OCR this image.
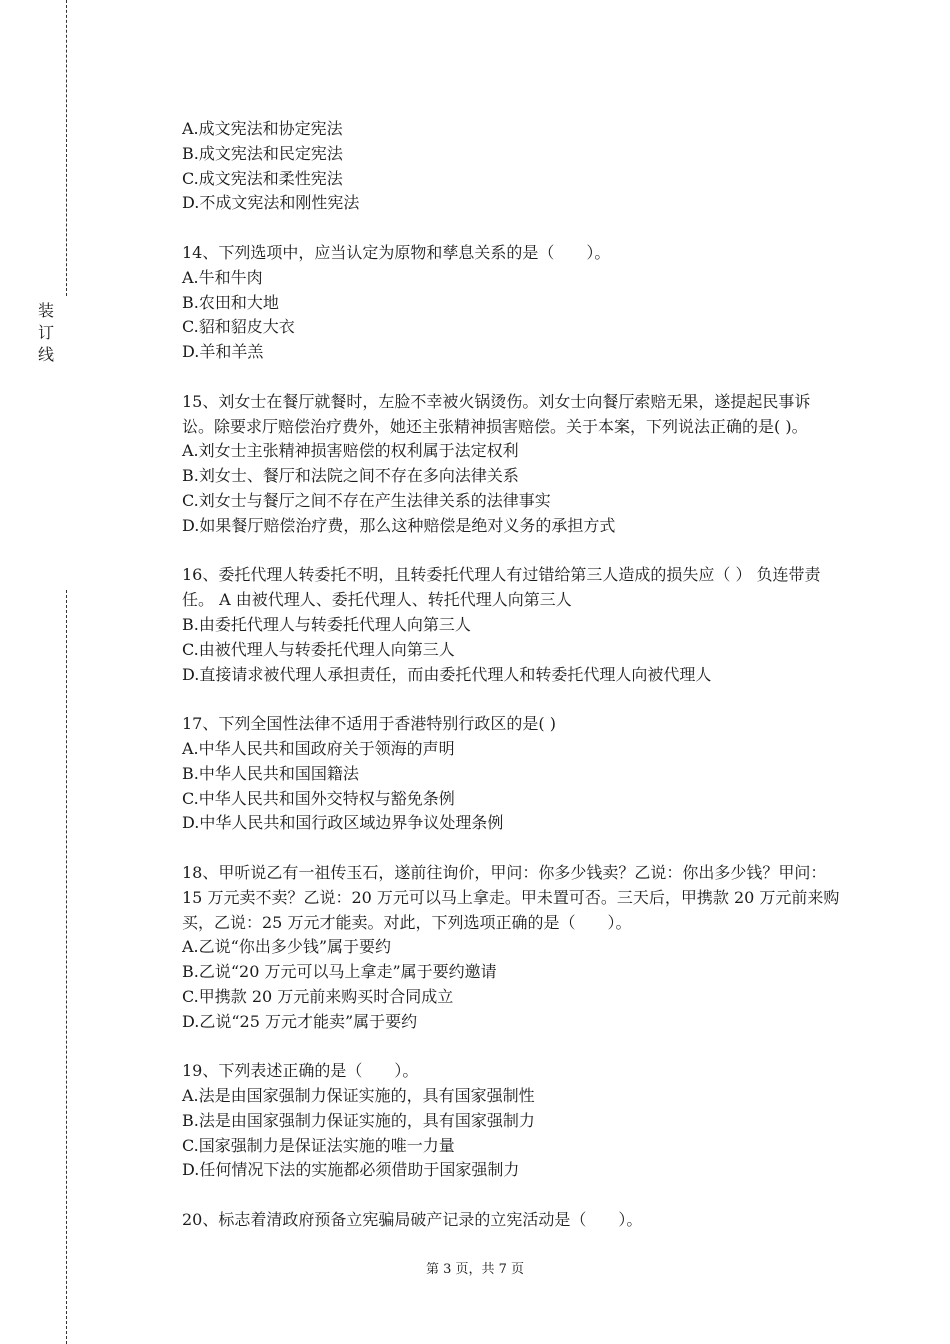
装
订
线

A.成文宪法和协定宪法

B.成文宪法和民定宪法

C.成文宪法和柔性宪法

D.不成文宪法和刚性宪法

14、下列选项中，应当认定为原物和孳息关系的是（　　）。

A.牛和牛肉

B.农田和大地

C.貂和貂皮大衣

D.羊和羊羔

15、刘女士在餐厅就餐时，左脸不幸被火锅烫伤。刘女士向餐厅索赔无果，遂提起民事诉

讼。除要求厅赔偿治疗费外，她还主张精神损害赔偿。关于本案，下列说法正确的是( )。

A.刘女士主张精神损害赔偿的权利属于法定权利

B.刘女士、餐厅和法院之间不存在多向法律关系

C.刘女士与餐厅之间不存在产生法律关系的法律事实

D.如果餐厅赔偿治疗费，那么这种赔偿是绝对义务的承担方式

16、委托代理人转委托不明，且转委托代理人有过错给第三人造成的损失应（ ） 负连带责

任。 A 由被代理人、委托代理人、转托代理人向第三人

B.由委托代理人与转委托代理人向第三人

C.由被代理人与转委托代理人向第三人

D.直接请求被代理人承担责任，而由委托代理人和转委托代理人向被代理人

17、下列全国性法律不适用于香港特别行政区的是( )

A.中华人民共和国政府关于领海的声明

B.中华人民共和国国籍法

C.中华人民共和国外交特权与豁免条例

D.中华人民共和国行政区域边界争议处理条例

18、甲听说乙有一祖传玉石，遂前往询价，甲问：你多少钱卖？乙说：你出多少钱？甲问：

15 万元卖不卖？乙说：20 万元可以马上拿走。甲未置可否。三天后，甲携款 20 万元前来购

买，乙说：25 万元才能卖。对此，下列选项正确的是（　　）。

A.乙说“你出多少钱”属于要约

B.乙说“20 万元可以马上拿走”属于要约邀请

C.甲携款 20 万元前来购买时合同成立

D.乙说“25 万元才能卖”属于要约

19、下列表述正确的是（　　）。

A.法是由国家强制力保证实施的，具有国家强制性

B.法是由国家强制力保证实施的，具有国家强制力

C.国家强制力是保证法实施的唯一力量

D.任何情况下法的实施都必须借助于国家强制力

20、标志着清政府预备立宪骗局破产记录的立宪活动是（　　）。

第 3 页，共 7 页
